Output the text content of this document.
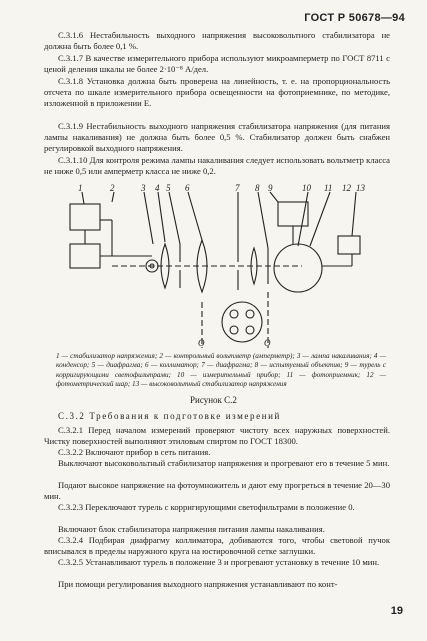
ГОСТ Р 50678—94
С.3.1.6 Нестабильность выходного напряжения высоковольтного стабилизатора не должна быть более 0,1 %.
С.3.1.7 В качестве измерительного прибора используют микроамперметр по ГОСТ 8711 с ценой деления шкалы не более 2·10⁻⁸ А/дел.
С.3.1.8 Установка должна быть проверена на линейность, т. е. на пропорциональность отсчета по шкале измерительного прибора освещенности на фотоприемнике, по методике, изложенной в приложении Е.
С.3.1.9 Нестабильность выходного напряжения стабилизатора напряжения (для питания лампы накаливания) не должна быть более 0,5 %. Стабилизатор должен быть снабжен регулировкой выходного напряжения.
С.3.1.10 Для контроля режима лампы накаливания следует использовать вольтметр класса не ниже 0,5 или амперметр класса не ниже 0,2.
1	2	3 4 5 6	7 8 9	10 11 12 13
О	О
1 — стабилизатор напряжения; 2 — контрольный вольтметр (амперметр); 3 — лампа накаливания; 4 — конденсор; 5 — диафрагма; 6 — коллиматор; 7 — диафрагма; 8 — испытуемый объектив; 9 — турель с корригирующими светофильтрами; 10 — измерительный прибор; 11 — фотоприемник; 12 — фотометрический шар; 13 — высоковольтный стабилизатор напряжения
Рисунок С.2
С.3.2 Требования к подготовке измерений
С.3.2.1 Перед началом измерений проверяют чистоту всех наружных поверхностей. Чистку поверхностей выполняют этиловым спиртом по ГОСТ 18300.
С.3.2.2 Включают прибор в сеть питания.
Выключают высоковольтный стабилизатор напряжения и прогревают его в течение 5 мин.
Подают высокое напряжение на фотоумножитель и дают ему прогреться в течение 20—30 мин.
С.3.2.3 Переключают турель с корригирующими светофильтрами в положение 0.
Включают блок стабилизатора напряжения питания лампы накаливания.
С.3.2.4 Подбирая диафрагму коллиматора, добиваются того, чтобы световой пучок вписывался в пределы наружного круга на юстировочной сетке заглушки.
С.3.2.5 Устанавливают турель в положение 3 и прогревают установку в течение 10 мин.
При помощи регулирования выходного напряжения устанавливают по конт-
19
